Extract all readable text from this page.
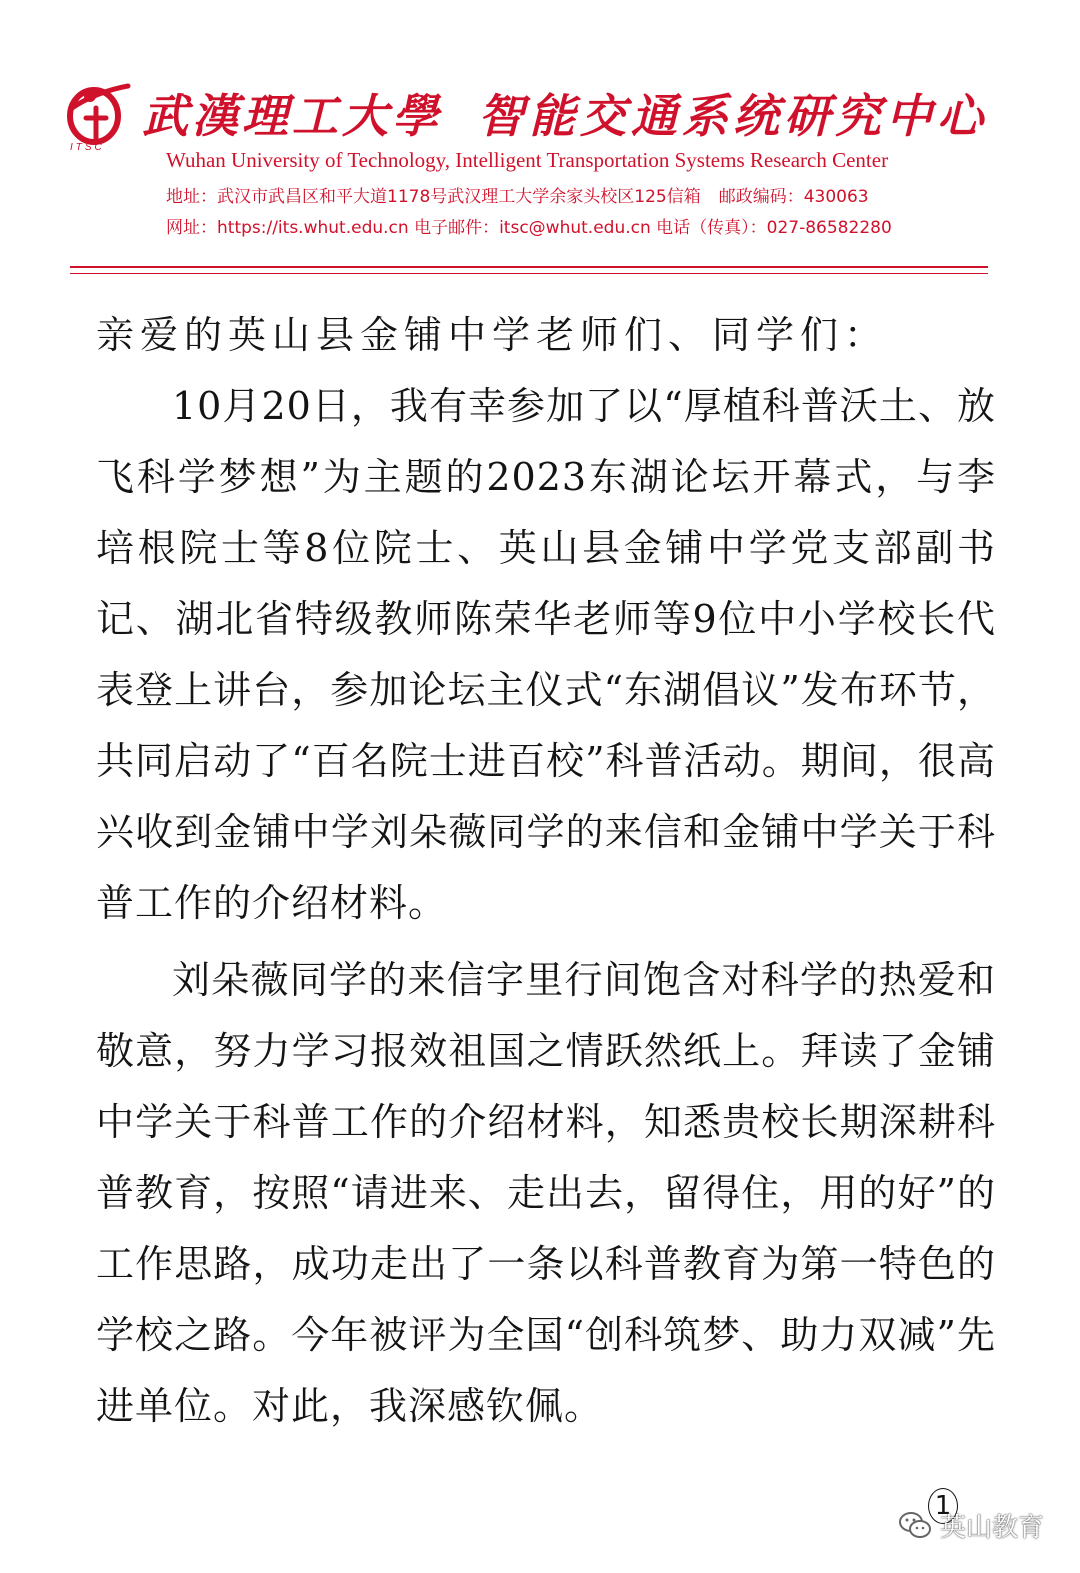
ITSC
武漢理工大學 智能交通系统研究中心
Wuhan University of Technology, Intelligent Transportation Systems Research Center
地址：武汉市武昌区和平大道1178号武汉理工大学余家头校区125信箱 邮政编码：430063
网址：https://its.whut.edu.cn 电子邮件：itsc@whut.edu.cn 电话（传真）：027-86582280

亲爱的英山县金铺中学老师们、同学们：

10月20日，我有幸参加了以“厚植科普沃土、放飞科学梦想”为主题的2023东湖论坛开幕式，与李培根院士等8位院士、英山县金铺中学党支部副书记、湖北省特级教师陈荣华老师等9位中小学校长代表登上讲台，参加论坛主仪式“东湖倡议”发布环节，共同启动了“百名院士进百校”科普活动。期间，很高兴收到金铺中学刘朵薇同学的来信和金铺中学关于科普工作的介绍材料。

刘朵薇同学的来信字里行间饱含对科学的热爱和敬意，努力学习报效祖国之情跃然纸上。拜读了金铺中学关于科普工作的介绍材料，知悉贵校长期深耕科普教育，按照“请进来、走出去，留得住，用的好”的工作思路，成功走出了一条以科普教育为第一特色的学校之路。今年被评为全国“创科筑梦、助力双减”先进单位。对此，我深感钦佩。

1
英山教育
